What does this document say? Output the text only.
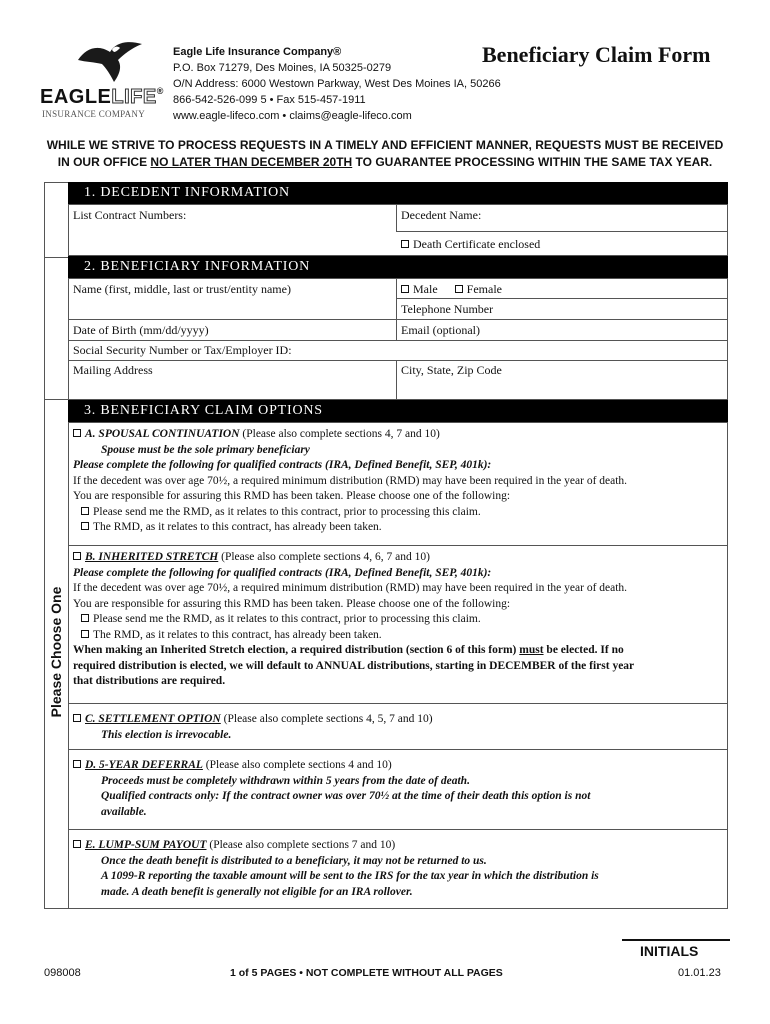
EAGLELIFE®
INSURANCE COMPANY
Eagle Life Insurance Company®
P.O. Box 71279, Des Moines, IA 50325-0279
O/N Address: 6000 Westown Parkway, West Des Moines IA, 50266
866-542-526-099 5 • Fax 515-457-1911
www.eagle-lifeco.com • claims@eagle-lifeco.com
Beneficiary Claim Form
WHILE WE STRIVE TO PROCESS REQUESTS IN A TIMELY AND EFFICIENT MANNER, REQUESTS MUST BE RECEIVED
IN OUR OFFICE NO LATER THAN DECEMBER 20TH TO GUARANTEE PROCESSING WITHIN THE SAME TAX YEAR.
Please Choose One
1. DECEDENT INFORMATION
List Contract Numbers:	Decedent Name:
Death Certificate enclosed
2. BENEFICIARY INFORMATION
Name (first, middle, last or trust/entity name)	Male Female
Telephone Number
Date of Birth (mm/dd/yyyy)	Email (optional)
Social Security Number or Tax/Employer ID:
Mailing Address	City, State, Zip Code
3. BENEFICIARY CLAIM OPTIONS
A. SPOUSAL CONTINUATION (Please also complete sections 4, 7 and 10)
Spouse must be the sole primary beneficiary
Please complete the following for qualified contracts (IRA, Defined Benefit, SEP, 401k):
If the decedent was over age 70½, a required minimum distribution (RMD) may have been required in the year of death.
You are responsible for assuring this RMD has been taken. Please choose one of the following:
Please send me the RMD, as it relates to this contract, prior to processing this claim.
The RMD, as it relates to this contract, has already been taken.
B. INHERITED STRETCH (Please also complete sections 4, 6, 7 and 10)
Please complete the following for qualified contracts (IRA, Defined Benefit, SEP, 401k):
If the decedent was over age 70½, a required minimum distribution (RMD) may have been required in the year of death.
You are responsible for assuring this RMD has been taken. Please choose one of the following:
Please send me the RMD, as it relates to this contract, prior to processing this claim.
The RMD, as it relates to this contract, has already been taken.
When making an Inherited Stretch election, a required distribution (section 6 of this form) must be elected. If no
required distribution is elected, we will default to ANNUAL distributions, starting in DECEMBER of the first year
that distributions are required.
C. SETTLEMENT OPTION (Please also complete sections 4, 5, 7 and 10)
This election is irrevocable.
D. 5-YEAR DEFERRAL (Please also complete sections 4 and 10)
Proceeds must be completely withdrawn within 5 years from the date of death.
Qualified contracts only: If the contract owner was over 70½ at the time of their death this option is not
available.
E. LUMP-SUM PAYOUT (Please also complete sections 7 and 10)
Once the death benefit is distributed to a beneficiary, it may not be returned to us.
A 1099-R reporting the taxable amount will be sent to the IRS for the tax year in which the distribution is
made. A death benefit is generally not eligible for an IRA rollover.
INITIALS
098008	1 of 5 PAGES • NOT COMPLETE WITHOUT ALL PAGES	01.01.23
